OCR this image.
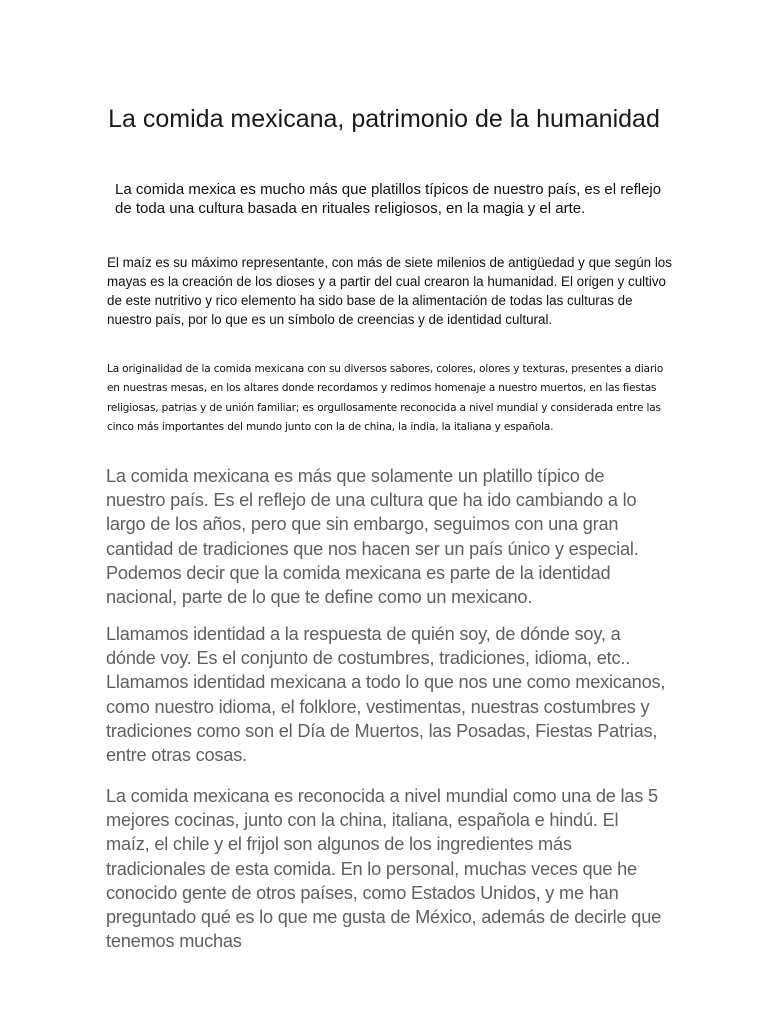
La comida mexicana, patrimonio de la humanidad

La comida mexica es mucho más que platillos típicos de nuestro país, es el reflejo de toda una cultura basada en rituales religiosos, en la magia y el arte.

El maíz es su máximo representante, con más de siete milenios de antigüedad y que según los mayas es la creación de los dioses y a partir del cual crearon la humanidad. El origen y cultivo de este nutritivo y rico elemento ha sido base de la alimentación de todas las culturas de nuestro país, por lo que es un símbolo de creencias y de identidad cultural.

La originalidad de la comida mexicana con su diversos sabores, colores, olores y texturas, presentes a diario en nuestras mesas, en los altares donde recordamos y redimos homenaje a nuestro muertos, en las fiestas religiosas, patrias y de unión familiar; es orgullosamente reconocida a nivel mundial y considerada entre las cinco más importantes del mundo junto con la de china, la india, la italiana y española.

La comida mexicana es más que solamente un platillo típico de nuestro país. Es el reflejo de una cultura que ha ido cambiando a lo largo de los años, pero que sin embargo, seguimos con una gran cantidad de tradiciones que nos hacen ser un país único y especial. Podemos decir que la comida mexicana es parte de la identidad nacional, parte de lo que te define como un mexicano.

Llamamos identidad a la respuesta de quién soy, de dónde soy, a dónde voy. Es el conjunto de costumbres, tradiciones, idioma, etc.. Llamamos identidad mexicana a todo lo que nos une como mexicanos, como nuestro idioma, el folklore, vestimentas, nuestras costumbres y tradiciones como son el Día de Muertos, las Posadas, Fiestas Patrias, entre otras cosas.

La comida mexicana es reconocida a nivel mundial como una de las 5 mejores cocinas, junto con la china, italiana, española e hindú. El maíz, el chile y el frijol son algunos de los ingredientes más tradicionales de esta comida. En lo personal, muchas veces que he conocido gente de otros países, como Estados Unidos, y me han preguntado qué es lo que me gusta de México, además de decirle que tenemos muchas
